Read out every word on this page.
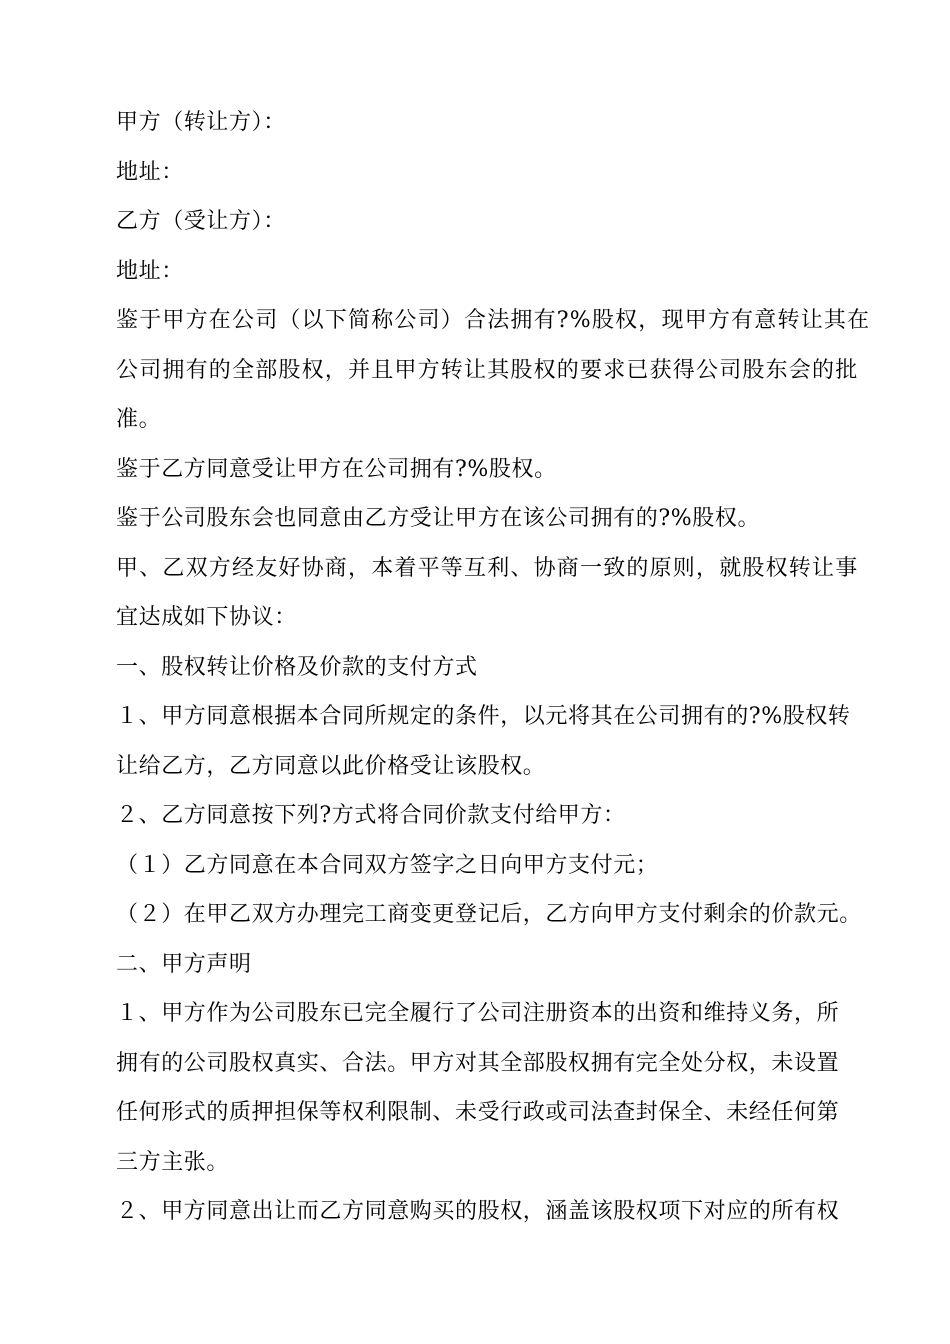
甲方（转让方）：
地址：
乙方（受让方）：
地址：
鉴于甲方在公司（以下简称公司）合法拥有?%股权，现甲方有意转让其在
公司拥有的全部股权，并且甲方转让其股权的要求已获得公司股东会的批
准。
鉴于乙方同意受让甲方在公司拥有?%股权。
鉴于公司股东会也同意由乙方受让甲方在该公司拥有的?%股权。
甲、乙双方经友好协商，本着平等互利、协商一致的原则，就股权转让事
宜达成如下协议：
一、股权转让价格及价款的支付方式
１、甲方同意根据本合同所规定的条件，以元将其在公司拥有的?%股权转
让给乙方，乙方同意以此价格受让该股权。
２、乙方同意按下列?方式将合同价款支付给甲方：
（１）乙方同意在本合同双方签字之日向甲方支付元；
（２）在甲乙双方办理完工商变更登记后，乙方向甲方支付剩余的价款元。
二、甲方声明
１、甲方作为公司股东已完全履行了公司注册资本的出资和维持义务，所
拥有的公司股权真实、合法。甲方对其全部股权拥有完全处分权，未设置
任何形式的质押担保等权利限制、未受行政或司法查封保全、未经任何第
三方主张。
２、甲方同意出让而乙方同意购买的股权，涵盖该股权项下对应的所有权
